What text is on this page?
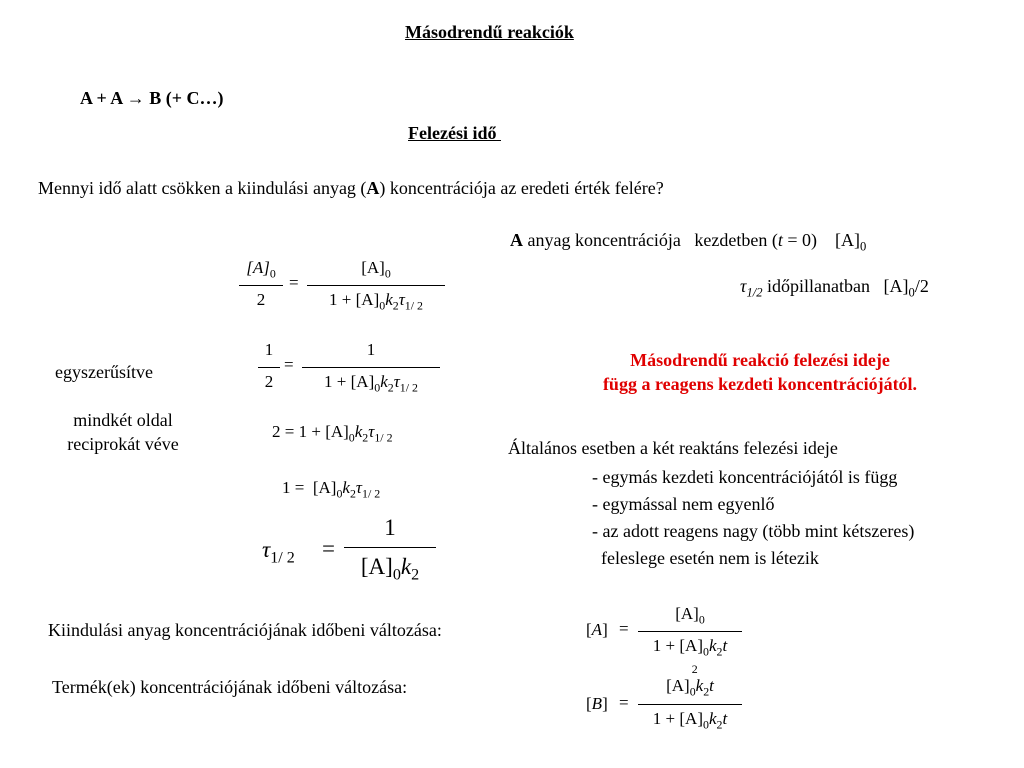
Másodrendű reakciók
A + A → B (+ C…)
Felezési idő
Mennyi idő alatt csökken a kiindulási anyag (A) koncentrációja az eredeti érték felére?
A anyag koncentrációja   kezdetben (t = 0)    $[A]_0$
$\tau_{1/2}$ időpillanatban   $[A]_0/2$
$[A]_0$
2
=
$[A]_0$
$1 + [A]_0k_2\tau_{1/ 2}$
egyszerűsítve
1
2
=
1
$1 + [A]_0k_2\tau_{1/ 2}$
mindkét oldal
reciprokát véve
$2 = 1 + [A]_0k_2\tau_{1/ 2}$
$1 = [A]_0k_2\tau_{1/ 2}$
$\tau_{1/ 2}$ =
1
$[A]_0k_2$
Másodrendű reakció felezési ideje
függ a reagens kezdeti koncentrációjától.
Általános esetben a két reaktáns felezési ideje
- egymás kezdeti koncentrációjától is függ
- egymással nem egyenlő
- az adott reagens nagy (több mint kétszeres)
feleslege esetén nem is létezik
Kiindulási anyag koncentrációjának időbeni változása:
Termék(ek) koncentrációjának időbeni változása:
[A] =
$[A]_0$
$1 + [A]_0k_2t$
[B] =
$[A]_0$
2
$k_2t$
$1 + [A]_0k_2t$
